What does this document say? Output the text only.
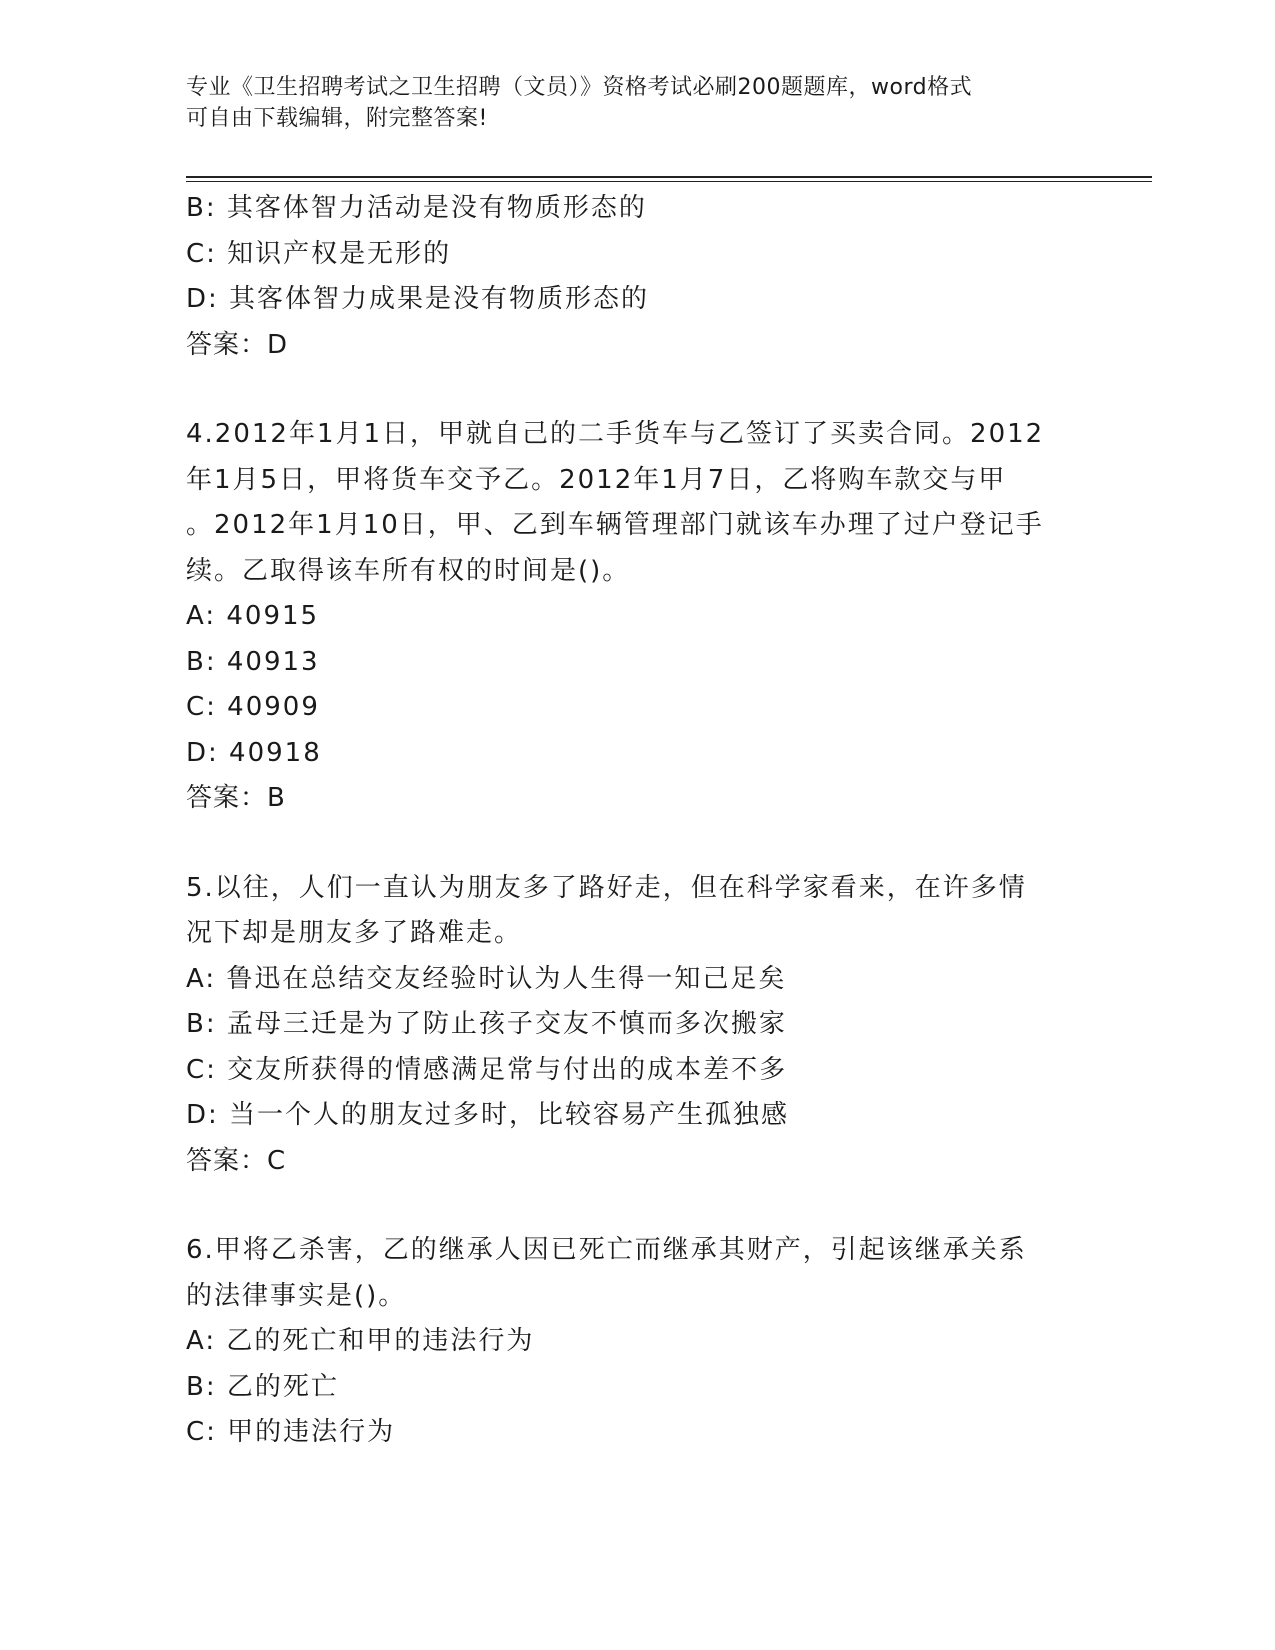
专业《卫生招聘考试之卫生招聘（文员）》资格考试必刷200题题库，word格式
可自由下载编辑，附完整答案!
B: 其客体智力活动是没有物质形态的
C: 知识产权是无形的
D: 其客体智力成果是没有物质形态的
答案：D
4.2012年1月1日，甲就自己的二手货车与乙签订了买卖合同。2012
年1月5日，甲将货车交予乙。2012年1月7日，乙将购车款交与甲
。2012年1月10日，甲、乙到车辆管理部门就该车办理了过户登记手
续。乙取得该车所有权的时间是()。
A: 40915
B: 40913
C: 40909
D: 40918
答案：B
5.以往，人们一直认为朋友多了路好走，但在科学家看来，在许多情
况下却是朋友多了路难走。
A: 鲁迅在总结交友经验时认为人生得一知己足矣
B: 孟母三迁是为了防止孩子交友不慎而多次搬家
C: 交友所获得的情感满足常与付出的成本差不多
D: 当一个人的朋友过多时，比较容易产生孤独感
答案：C
6.甲将乙杀害，乙的继承人因已死亡而继承其财产，引起该继承关系
的法律事实是()。
A: 乙的死亡和甲的违法行为
B: 乙的死亡
C: 甲的违法行为
